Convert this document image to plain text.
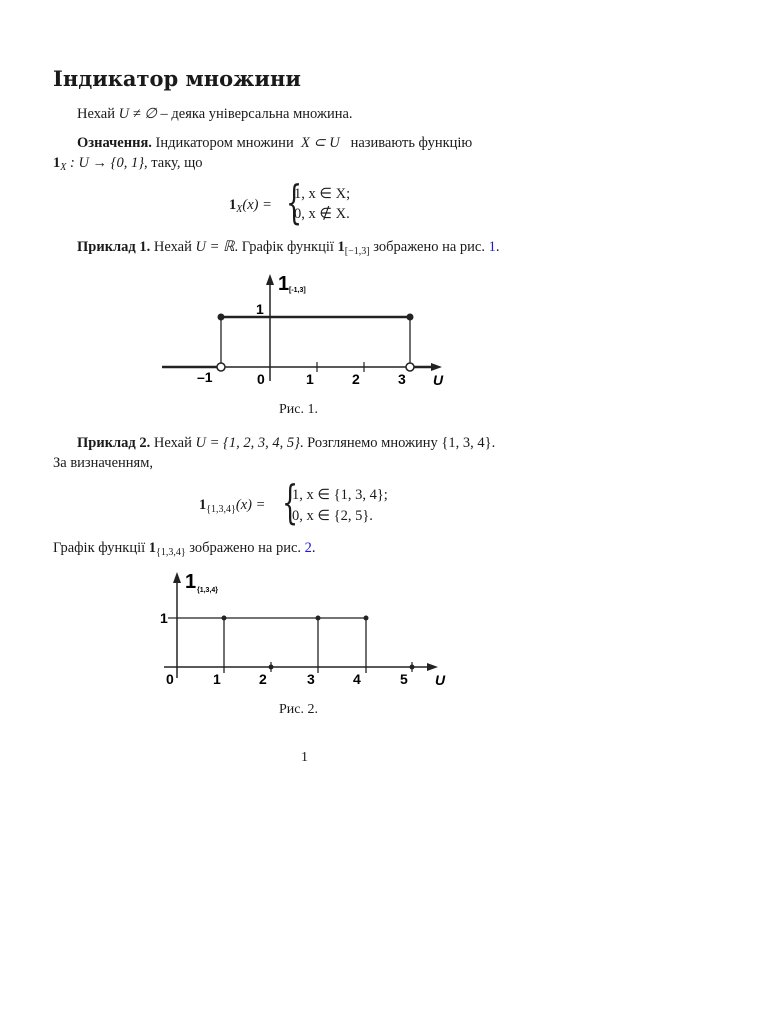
Індикатор множини
Нехай U ≠ ∅ – деяка універсальна множина.
Означення. Індикатором множини  X ⊂ U   називають функцію
$1_X$ : U → {0, 1}, таку, що
$1_X(x)$ = {
1, x ∈ X;
0, x ∉ X.
Приклад 1. Нехай U = ℝ. Графік функції $1_{[-1,3]}$ зображено на рис. 1.
1 [-1,3]
1
–1	0	1	2	3 U
Рис. 1.
Приклад 2. Нехай U = {1, 2, 3, 4, 5}. Розглянемо множину {1, 3, 4}.
За визначенням,
$1_{\{1,3,4\}}(x)$ = {
1, x ∈ {1, 3, 4};
0, x ∈ {2, 5}.
Графік функції $1_{\{1,3,4\}}$ зображено на рис. 2.
1 {1,3,4}
1
0	1	2	3	4	5 U
Рис. 2.
1
